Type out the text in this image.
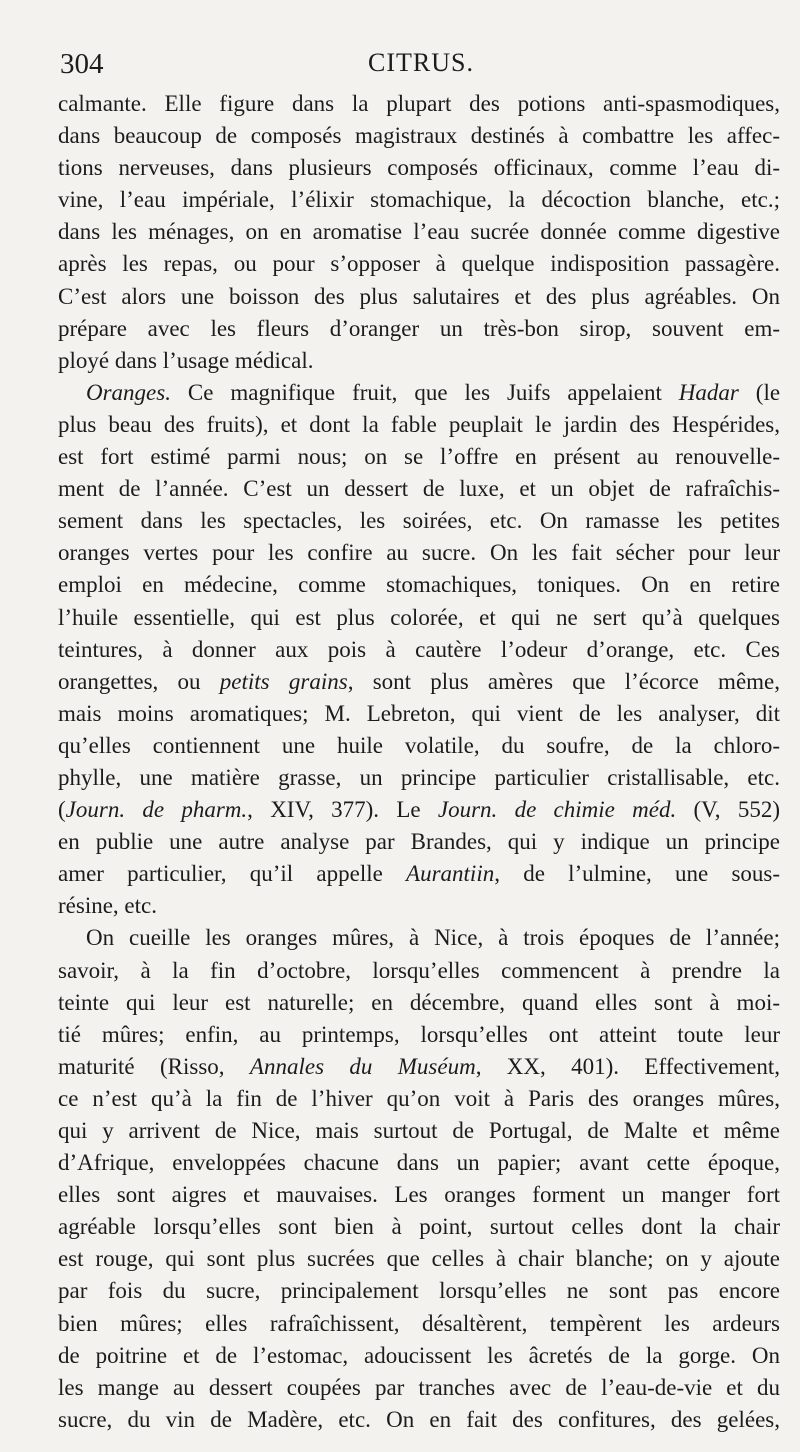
304	CITRUS.
calmante. Elle figure dans la plupart des potions anti-spasmodiques,
dans beaucoup de composés magistraux destinés à combattre les affec-
tions nerveuses, dans plusieurs composés officinaux, comme l’eau di-
vine, l’eau impériale, l’élixir stomachique, la décoction blanche, etc.;
dans les ménages, on en aromatise l’eau sucrée donnée comme digestive
après les repas, ou pour s’opposer à quelque indisposition passagère.
C’est alors une boisson des plus salutaires et des plus agréables. On
prépare avec les fleurs d’oranger un très-bon sirop, souvent em-
ployé dans l’usage médical.
Oranges. Ce magnifique fruit, que les Juifs appelaient Hadar (le
plus beau des fruits), et dont la fable peuplait le jardin des Hespérides,
est fort estimé parmi nous; on se l’offre en présent au renouvelle-
ment de l’année. C’est un dessert de luxe, et un objet de rafraîchis-
sement dans les spectacles, les soirées, etc. On ramasse les petites
oranges vertes pour les confire au sucre. On les fait sécher pour leur
emploi en médecine, comme stomachiques, toniques. On en retire
l’huile essentielle, qui est plus colorée, et qui ne sert qu’à quelques
teintures, à donner aux pois à cautère l’odeur d’orange, etc. Ces
orangettes, ou petits grains, sont plus amères que l’écorce même,
mais moins aromatiques; M. Lebreton, qui vient de les analyser, dit
qu’elles contiennent une huile volatile, du soufre, de la chloro-
phylle, une matière grasse, un principe particulier cristallisable, etc.
(Journ. de pharm., XIV, 377). Le Journ. de chimie méd. (V, 552)
en publie une autre analyse par Brandes, qui y indique un principe
amer particulier, qu’il appelle Aurantiin, de l’ulmine, une sous-
résine, etc.
On cueille les oranges mûres, à Nice, à trois époques de l’année;
savoir, à la fin d’octobre, lorsqu’elles commencent à prendre la
teinte qui leur est naturelle; en décembre, quand elles sont à moi-
tié mûres; enfin, au printemps, lorsqu’elles ont atteint toute leur
maturité (Risso, Annales du Muséum, XX, 401). Effectivement,
ce n’est qu’à la fin de l’hiver qu’on voit à Paris des oranges mûres,
qui y arrivent de Nice, mais surtout de Portugal, de Malte et même
d’Afrique, enveloppées chacune dans un papier; avant cette époque,
elles sont aigres et mauvaises. Les oranges forment un manger fort
agréable lorsqu’elles sont bien à point, surtout celles dont la chair
est rouge, qui sont plus sucrées que celles à chair blanche; on y ajoute
par fois du sucre, principalement lorsqu’elles ne sont pas encore
bien mûres; elles rafraîchissent, désaltèrent, tempèrent les ardeurs
de poitrine et de l’estomac, adoucissent les âcretés de la gorge. On
les mange au dessert coupées par tranches avec de l’eau-de-vie et du
sucre, du vin de Madère, etc. On en fait des confitures, des gelées,
